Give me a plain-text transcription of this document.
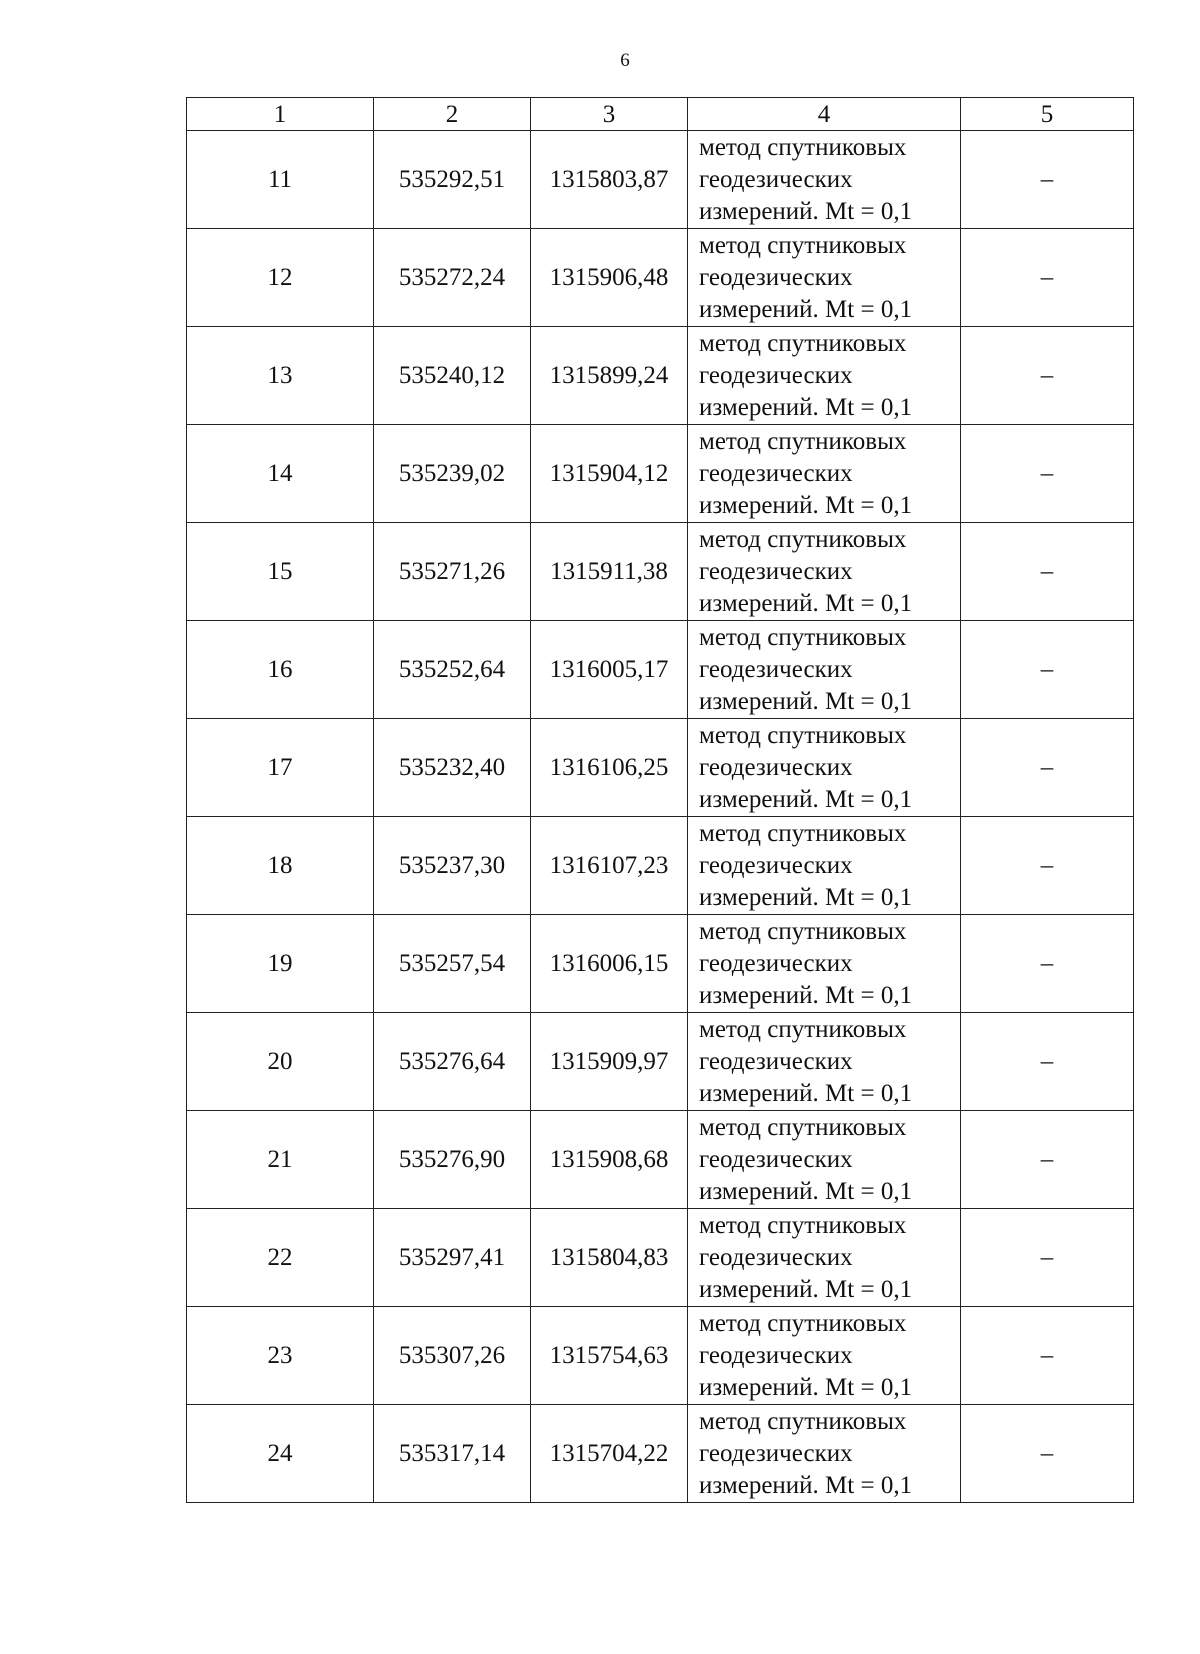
6
1	2	3	4	5
11	535292,51	1315803,87	метод спутниковых
геодезических
измерений. Mt = 0,1	–
12	535272,24	1315906,48	метод спутниковых
геодезических
измерений. Mt = 0,1	–
13	535240,12	1315899,24	метод спутниковых
геодезических
измерений. Mt = 0,1	–
14	535239,02	1315904,12	метод спутниковых
геодезических
измерений. Mt = 0,1	–
15	535271,26	1315911,38	метод спутниковых
геодезических
измерений. Mt = 0,1	–
16	535252,64	1316005,17	метод спутниковых
геодезических
измерений. Mt = 0,1	–
17	535232,40	1316106,25	метод спутниковых
геодезических
измерений. Mt = 0,1	–
18	535237,30	1316107,23	метод спутниковых
геодезических
измерений. Mt = 0,1	–
19	535257,54	1316006,15	метод спутниковых
геодезических
измерений. Mt = 0,1	–
20	535276,64	1315909,97	метод спутниковых
геодезических
измерений. Mt = 0,1	–
21	535276,90	1315908,68	метод спутниковых
геодезических
измерений. Mt = 0,1	–
22	535297,41	1315804,83	метод спутниковых
геодезических
измерений. Mt = 0,1	–
23	535307,26	1315754,63	метод спутниковых
геодезических
измерений. Mt = 0,1	–
24	535317,14	1315704,22	метод спутниковых
геодезических
измерений. Mt = 0,1	–
